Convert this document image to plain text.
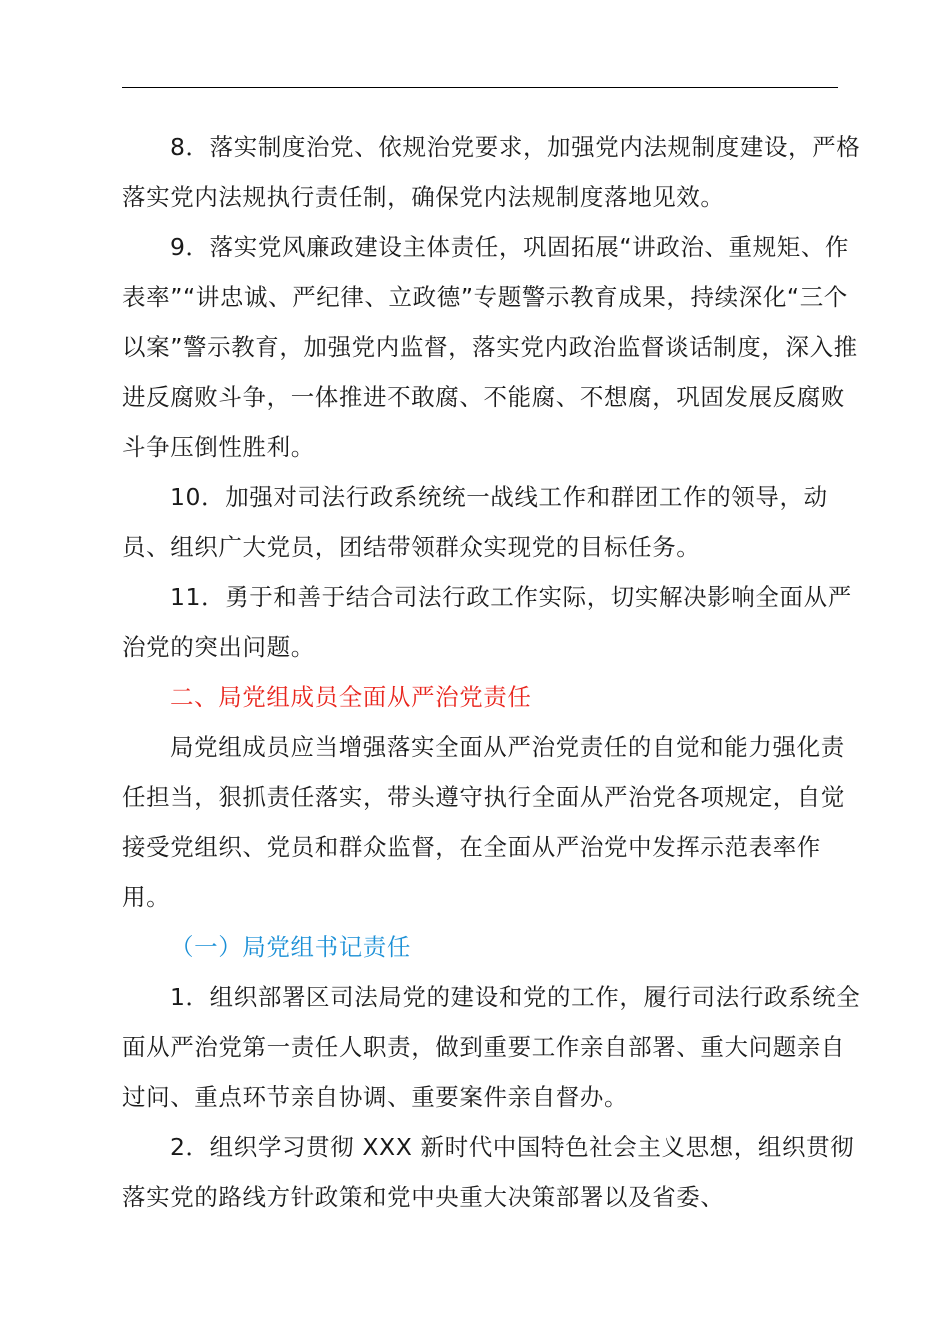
8．落实制度治党、依规治党要求，加强党内法规制度建设，严格落实党内法规执行责任制，确保党内法规制度落地见效。

9．落实党风廉政建设主体责任，巩固拓展“讲政治、重规矩、作表率”“讲忠诚、严纪律、立政德”专题警示教育成果，持续深化“三个以案”警示教育，加强党内监督，落实党内政治监督谈话制度，深入推进反腐败斗争，一体推进不敢腐、不能腐、不想腐，巩固发展反腐败斗争压倒性胜利。

10．加强对司法行政系统统一战线工作和群团工作的领导，动员、组织广大党员，团结带领群众实现党的目标任务。

11．勇于和善于结合司法行政工作实际，切实解决影响全面从严治党的突出问题。

二、局党组成员全面从严治党责任

局党组成员应当增强落实全面从严治党责任的自觉和能力强化责任担当，狠抓责任落实，带头遵守执行全面从严治党各项规定，自觉接受党组织、党员和群众监督，在全面从严治党中发挥示范表率作用。

（一）局党组书记责任

1．组织部署区司法局党的建设和党的工作，履行司法行政系统全面从严治党第一责任人职责，做到重要工作亲自部署、重大问题亲自过问、重点环节亲自协调、重要案件亲自督办。

2．组织学习贯彻 XXX 新时代中国特色社会主义思想，组织贯彻落实党的路线方针政策和党中央重大决策部署以及省委、
